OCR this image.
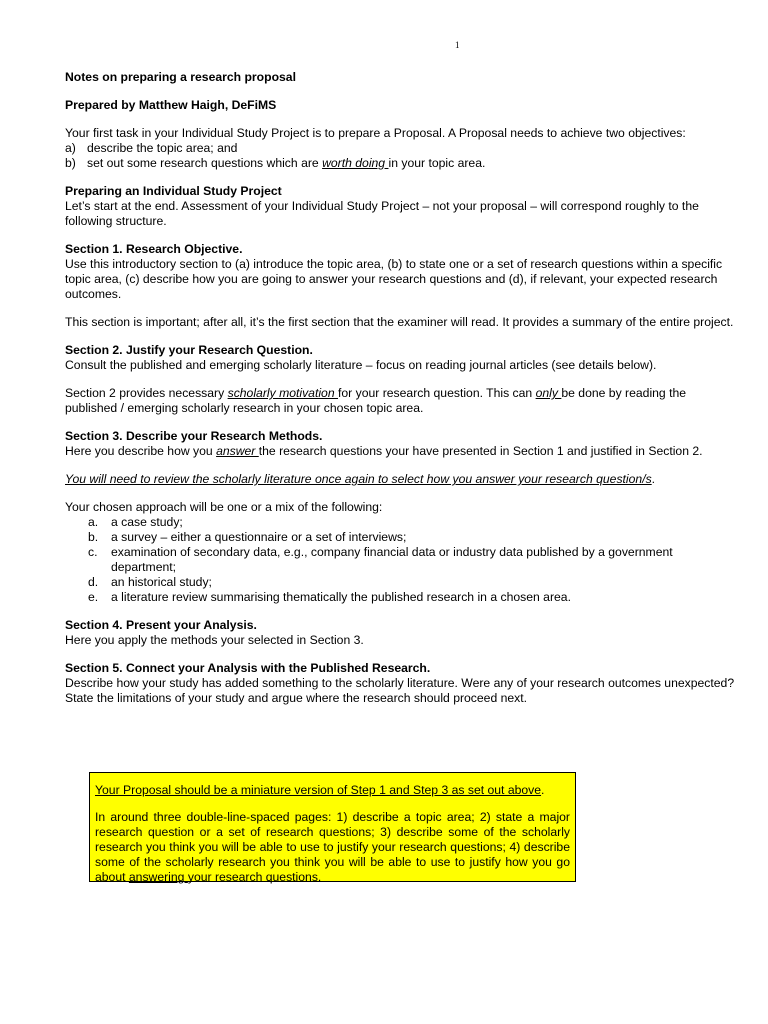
1

Notes on preparing a research proposal

Prepared by Matthew Haigh, DeFiMS

Your first task in your Individual Study Project is to prepare a Proposal. A Proposal needs to achieve two objectives:

a) describe the topic area; and
b) set out some research questions which are worth doing in your topic area.

Preparing an Individual Study Project

Let’s start at the end. Assessment of your Individual Study Project – not your proposal – will correspond roughly to the following structure.

Section 1. Research Objective.

Use this introductory section to (a) introduce the topic area, (b) to state one or a set of research questions within a specific topic area, (c) describe how you are going to answer your research questions and (d), if relevant, your expected research outcomes.

This section is important; after all, it’s the first section that the examiner will read. It provides a summary of the entire project.

Section 2. Justify your Research Question.

Consult the published and emerging scholarly literature – focus on reading journal articles (see details below).

Section 2 provides necessary scholarly motivation for your research question. This can only be done by reading the published / emerging scholarly research in your chosen topic area.

Section 3. Describe your Research Methods.

Here you describe how you answer the research questions your have presented in Section 1 and justified in Section 2.

You will need to review the scholarly literature once again to select how you answer your research question/s.

Your chosen approach will be one or a mix of the following:

a. a case study;
b. a survey – either a questionnaire or a set of interviews;
c. examination of secondary data, e.g., company financial data or industry data published by a government department;
d. an historical study;
e. a literature review summarising thematically the published research in a chosen area.

Section 4. Present your Analysis.

Here you apply the methods your selected in Section 3.

Section 5. Connect your Analysis with the Published Research.

Describe how your study has added something to the scholarly literature. Were any of your research outcomes unexpected? State the limitations of your study and argue where the research should proceed next.

Your Proposal should be a miniature version of Step 1 and Step 3 as set out above.

In around three double-line-spaced pages: 1) describe a topic area; 2) state a major research question or a set of research questions; 3) describe some of the scholarly research you think you will be able to use to justify your research questions; 4) describe some of the scholarly research you think you will be able to use to justify how you go about answering your research questions.
